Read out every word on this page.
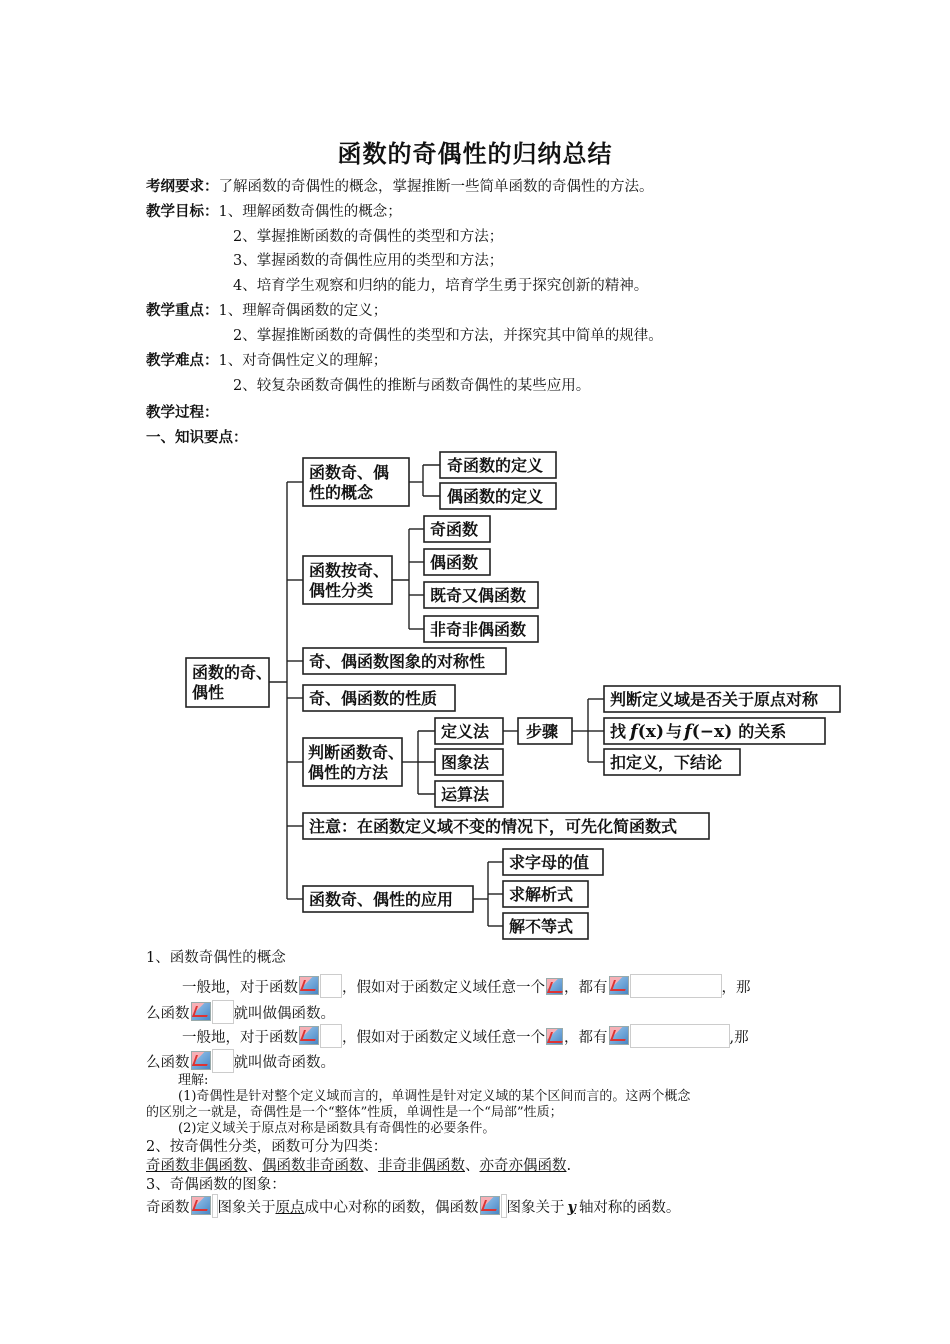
函数的奇偶性的归纳总结
考纲要求：了解函数的奇偶性的概念，掌握推断一些简单函数的奇偶性的方法。
教学目标：1、理解函数奇偶性的概念；
2、掌握推断函数的奇偶性的类型和方法；
3、掌握函数的奇偶性应用的类型和方法；
4、培育学生观察和归纳的能力，培育学生勇于探究创新的精神。
教学重点：1、理解奇偶函数的定义；
2、掌握推断函数的奇偶性的类型和方法，并探究其中简单的规律。
教学难点：1、对奇偶性定义的理解；
2、较复杂函数奇偶性的推断与函数奇偶性的某些应用。
教学过程：
一、知识要点：
函数的奇、
偶性
函数奇、偶
性的概念
奇函数的定义
偶函数的定义
函数按奇、
偶性分类
奇函数
偶函数
既奇又偶函数
非奇非偶函数
奇、偶函数图象的对称性
奇、偶函数的性质
判断函数奇、
偶性的方法
定义法
图象法
运算法
步骤
判断定义域是否关于原点对称
找 f(x) 与 f(−x) 的关系
扣定义，下结论
注意：在函数定义域不变的情况下，可先化简函数式
函数奇、偶性的应用
求字母的值
求解析式
解不等式
1、函数奇偶性的概念
一般地，对于函数	，假如对于函数定义域任意一个 ，都有	，那
么函数	就叫做偶函数。
一般地，对于函数	，假如对于函数定义域任意一个 ，都有	,那
么函数	就叫做奇函数。
理解:
(1)奇偶性是针对整个定义域而言的，单调性是针对定义域的某个区间而言的。这两个概念
的区别之一就是，奇偶性是一个“整体”性质，单调性是一个“局部”性质；
(2)定义域关于原点对称是函数具有奇偶性的必要条件。
2、按奇偶性分类，函数可分为四类：
奇函数非偶函数、偶函数非奇函数、非奇非偶函数、亦奇亦偶函数.
3、奇偶函数的图象：
奇函数 图象关于原点成中心对称的函数，偶函数 图象关于 y 轴对称的函数。
